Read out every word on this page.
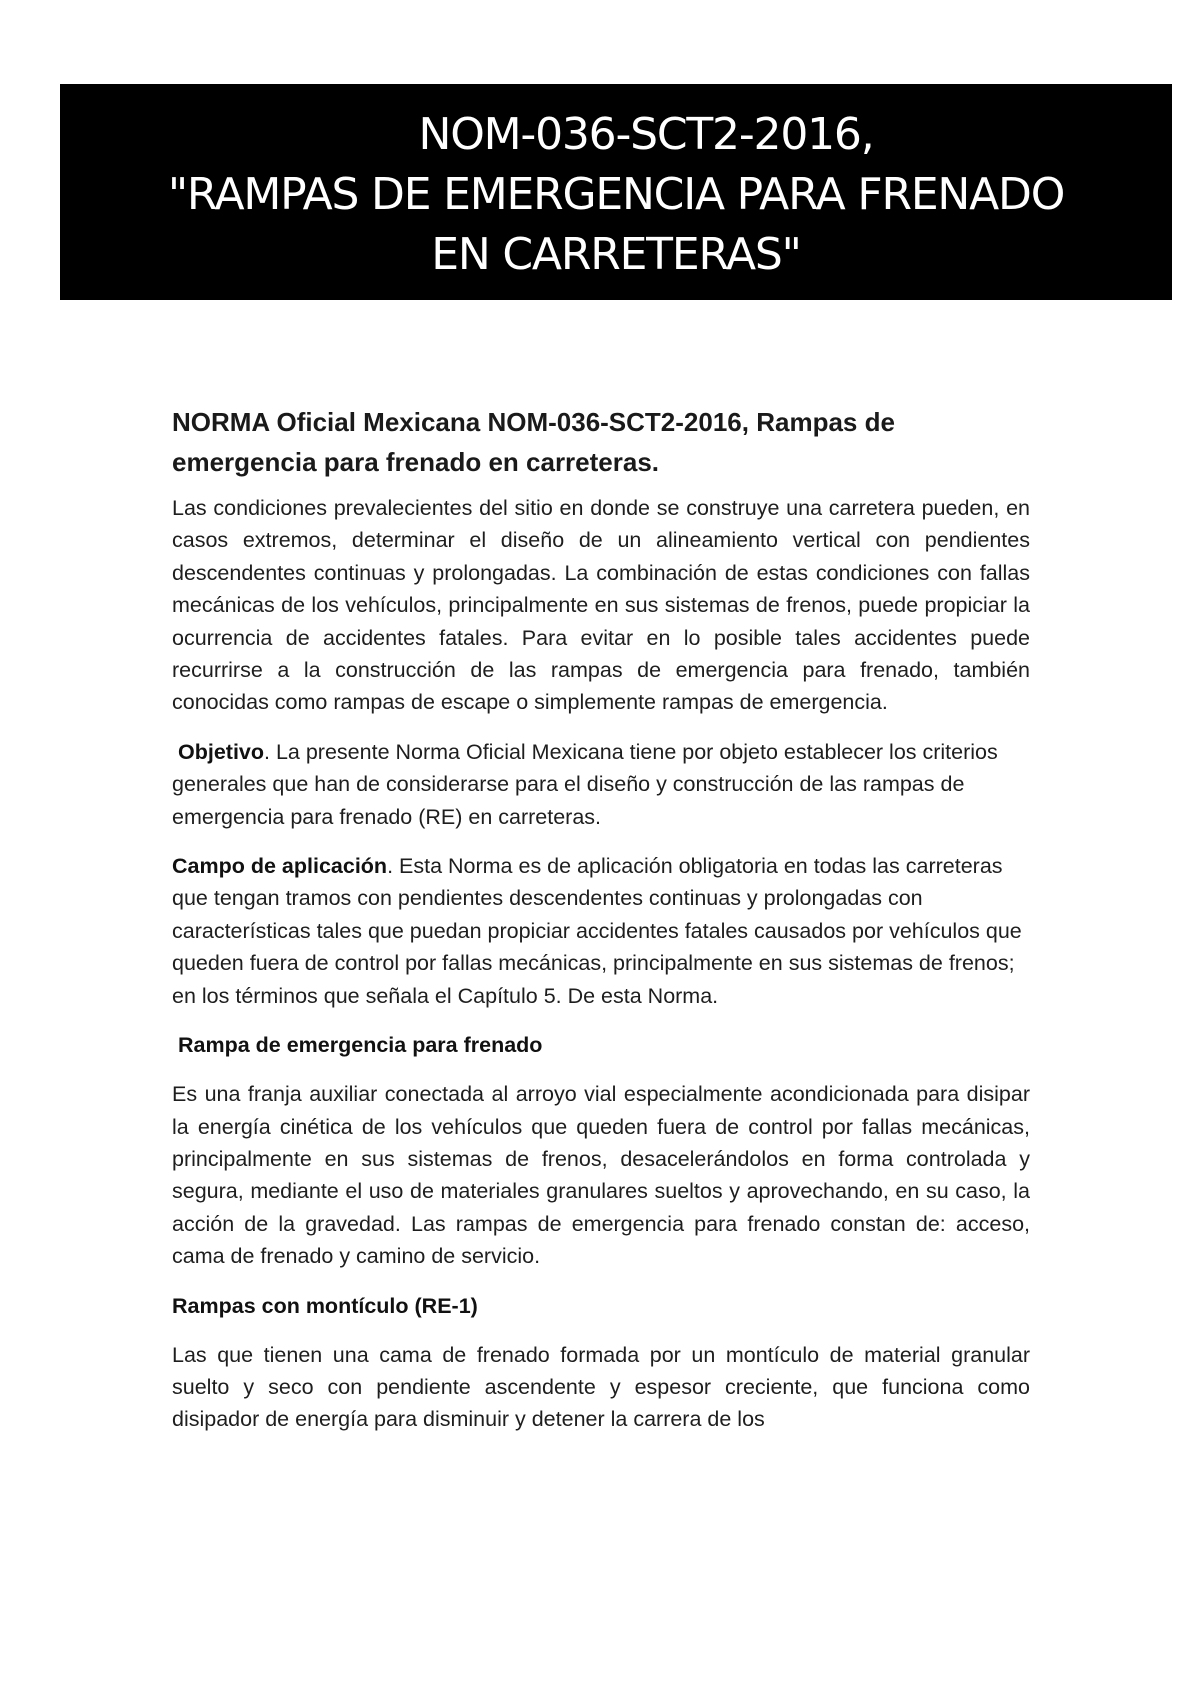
NOM-036-SCT2-2016,
"RAMPAS DE EMERGENCIA PARA FRENADO
EN CARRETERAS"
NORMA Oficial Mexicana NOM-036-SCT2-2016, Rampas de emergencia para frenado en carreteras.

Las condiciones prevalecientes del sitio en donde se construye una carretera pueden, en casos extremos, determinar el diseño de un alineamiento vertical con pendientes descendentes continuas y prolongadas. La combinación de estas condiciones con fallas mecánicas de los vehículos, principalmente en sus sistemas de frenos, puede propiciar la ocurrencia de accidentes fatales. Para evitar en lo posible tales accidentes puede recurrirse a la construcción de las rampas de emergencia para frenado, también conocidas como rampas de escape o simplemente rampas de emergencia.

Objetivo. La presente Norma Oficial Mexicana tiene por objeto establecer los criterios generales que han de considerarse para el diseño y construcción de las rampas de emergencia para frenado (RE) en carreteras.

Campo de aplicación. Esta Norma es de aplicación obligatoria en todas las carreteras que tengan tramos con pendientes descendentes continuas y prolongadas con características tales que puedan propiciar accidentes fatales causados por vehículos que queden fuera de control por fallas mecánicas, principalmente en sus sistemas de frenos; en los términos que señala el Capítulo 5. De esta Norma.

Rampa de emergencia para frenado

Es una franja auxiliar conectada al arroyo vial especialmente acondicionada para disipar la energía cinética de los vehículos que queden fuera de control por fallas mecánicas, principalmente en sus sistemas de frenos, desacelerándolos en forma controlada y segura, mediante el uso de materiales granulares sueltos y aprovechando, en su caso, la acción de la gravedad. Las rampas de emergencia para frenado constan de: acceso, cama de frenado y camino de servicio.

Rampas con montículo (RE-1)

Las que tienen una cama de frenado formada por un montículo de material granular suelto y seco con pendiente ascendente y espesor creciente, que funciona como disipador de energía para disminuir y detener la carrera de los
